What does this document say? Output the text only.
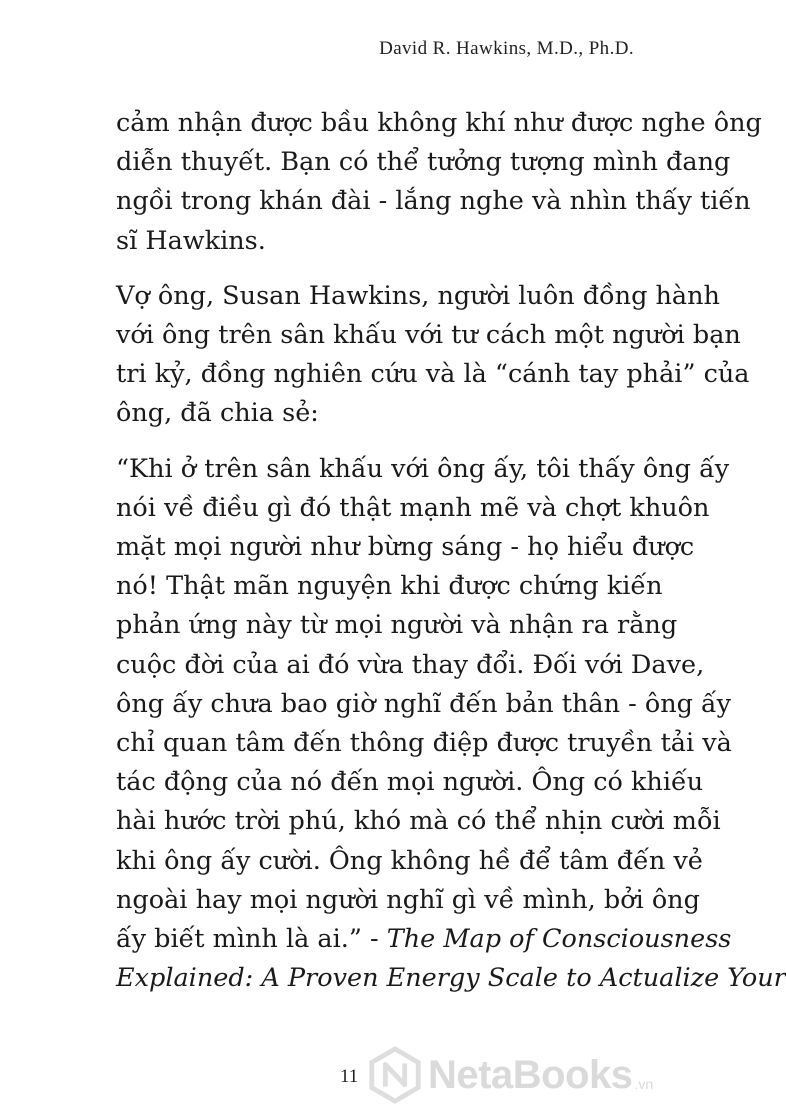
David R. Hawkins, M.D., Ph.D.

cảm nhận được bầu không khí như được nghe ông
diễn thuyết. Bạn có thể tưởng tượng mình đang
ngồi trong khán đài - lắng nghe và nhìn thấy tiến
sĩ Hawkins.

Vợ ông, Susan Hawkins, người luôn đồng hành
với ông trên sân khấu với tư cách một người bạn
tri kỷ, đồng nghiên cứu và là “cánh tay phải” của
ông, đã chia sẻ:

“Khi ở trên sân khấu với ông ấy, tôi thấy ông ấy
nói về điều gì đó thật mạnh mẽ và chợt khuôn
mặt mọi người như bừng sáng - họ hiểu được
nó! Thật mãn nguyện khi được chứng kiến
phản ứng này từ mọi người và nhận ra rằng
cuộc đời của ai đó vừa thay đổi. Đối với Dave,
ông ấy chưa bao giờ nghĩ đến bản thân - ông ấy
chỉ quan tâm đến thông điệp được truyền tải và
tác động của nó đến mọi người. Ông có khiếu
hài hước trời phú, khó mà có thể nhịn cười mỗi
khi ông ấy cười. Ông không hề để tâm đến vẻ
ngoài hay mọi người nghĩ gì về mình, bởi ông
ấy biết mình là ai.” - The Map of Consciousness
Explained: A Proven Energy Scale to Actualize Your

11 NetaBooks .vn
